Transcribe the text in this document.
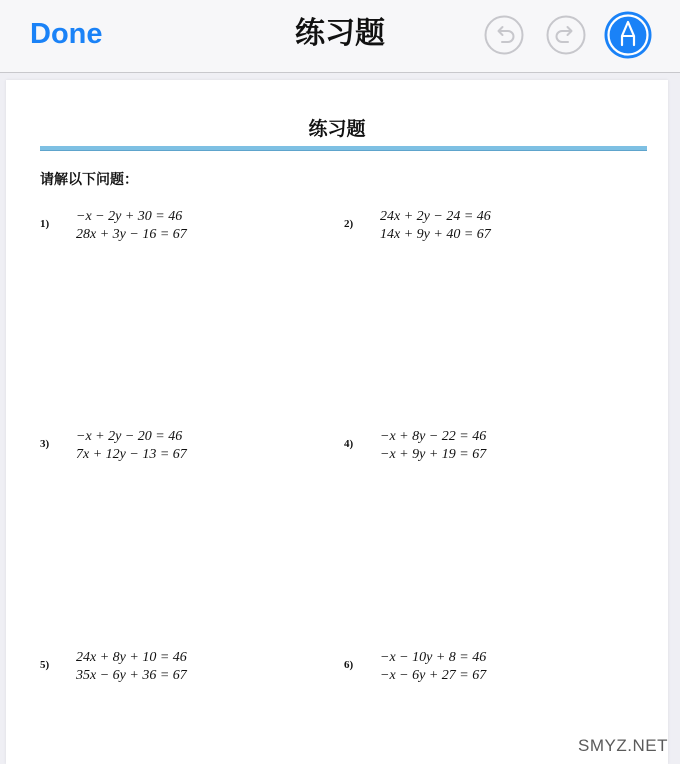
Done	练习题
练习题
请解以下问题：
1) −x − 2y + 30 = 46
28x + 3y − 16 = 67
2) 24x + 2y − 24 = 46
14x + 9y + 40 = 67
3) −x + 2y − 20 = 46
7x + 12y − 13 = 67
4) −x + 8y − 22 = 46
−x + 9y + 19 = 67
5) 24x + 8y + 10 = 46
35x − 6y + 36 = 67
6) −x − 10y + 8 = 46
−x − 6y + 27 = 67
SMYZ.NET
